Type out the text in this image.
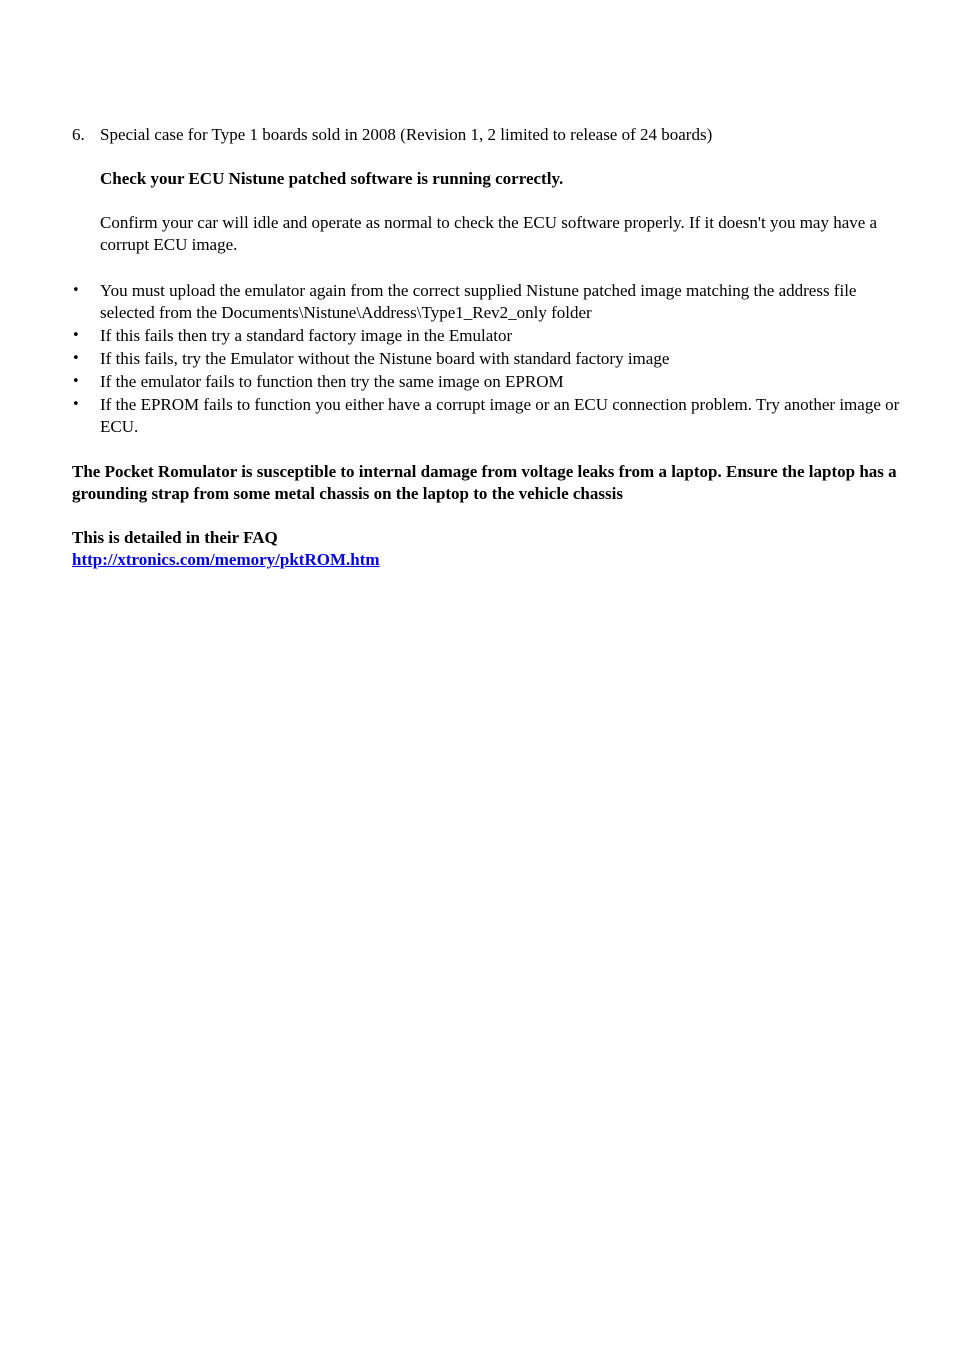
6. Special case for Type 1 boards sold in 2008 (Revision 1, 2 limited to release of 24 boards)

Check your ECU Nistune patched software is running correctly.

Confirm your car will idle and operate as normal to check the ECU software properly. If it doesn't you may have a corrupt ECU image.

•	You must upload the emulator again from the correct supplied Nistune patched image matching the address file selected from the Documents\Nistune\Address\Type1_Rev2_only folder
•	If this fails then try a standard factory image in the Emulator
•	If this fails, try the Emulator without the Nistune board with standard factory image
•	If the emulator fails to function then try the same image on EPROM
•	If the EPROM fails to function you either have a corrupt image or an ECU connection problem. Try another image or ECU.

The Pocket Romulator is susceptible to internal damage from voltage leaks from a laptop. Ensure the laptop has a grounding strap from some metal chassis on the laptop to the vehicle chassis

This is detailed in their FAQ

http://xtronics.com/memory/pktROM.htm
